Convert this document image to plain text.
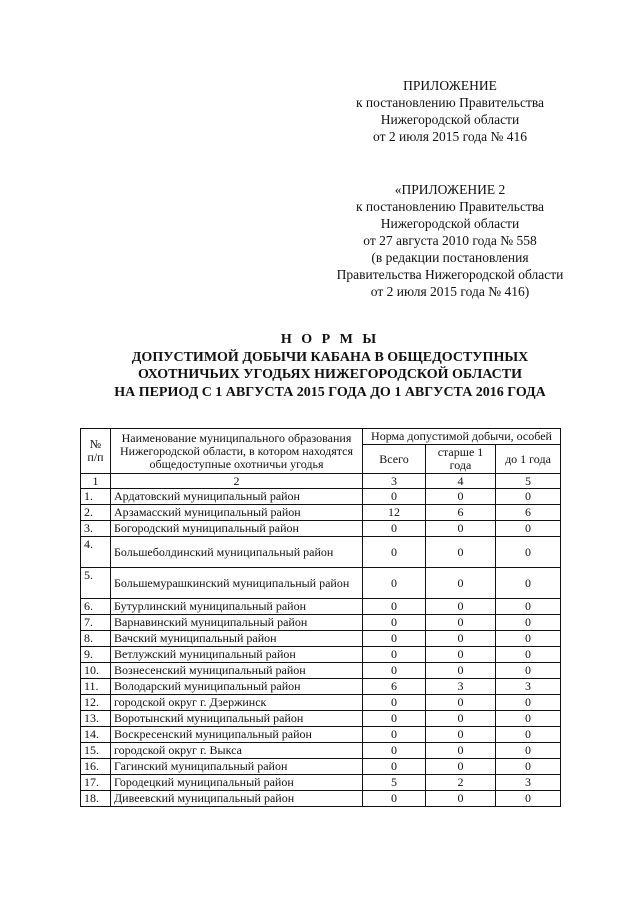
ПРИЛОЖЕНИЕ
к постановлению Правительства
Нижегородской области
от 2 июля 2015 года № 416
«ПРИЛОЖЕНИЕ 2
к постановлению Правительства
Нижегородской области
от 27 августа 2010 года № 558
(в редакции постановления
Правительства Нижегородской области
от 2 июля 2015 года № 416)
Н О Р М Ы
ДОПУСТИМОЙ ДОБЫЧИ КАБАНА В ОБЩЕДОСТУПНЫХ
ОХОТНИЧЬИХ УГОДЬЯХ НИЖЕГОРОДСКОЙ ОБЛАСТИ
НА ПЕРИОД С 1 АВГУСТА 2015 ГОДА ДО 1 АВГУСТА 2016 ГОДА
№ п/п	Наименование муниципального образования Нижегородской области, в котором находятся общедоступные охотничьи угодья	Норма допустимой добычи, особей		
		Всего	старше 1 года	до 1 года
1	2	3	4	5
1.	Ардатовский муниципальный район	0	0	0
2.	Арзамасский муниципальный район	12	6	6
3.	Богородский муниципальный район	0	0	0
4.	Большеболдинский муниципальный район	0	0	0
5.	Большемурашкинский муниципальный район	0	0	0
6.	Бутурлинский муниципальный район	0	0	0
7.	Варнавинский муниципальный район	0	0	0
8.	Вачский муниципальный район	0	0	0
9.	Ветлужский муниципальный район	0	0	0
10.	Вознесенский муниципальный район	0	0	0
11.	Володарский муниципальный район	6	3	3
12.	городской округ г. Дзержинск	0	0	0
13.	Воротынский муниципальный район	0	0	0
14.	Воскресенский муниципальный район	0	0	0
15.	городской округ г. Выкса	0	0	0
16.	Гагинский муниципальный район	0	0	0
17.	Городецкий муниципальный район	5	2	3
18.	Дивеевский муниципальный район	0	0	0
